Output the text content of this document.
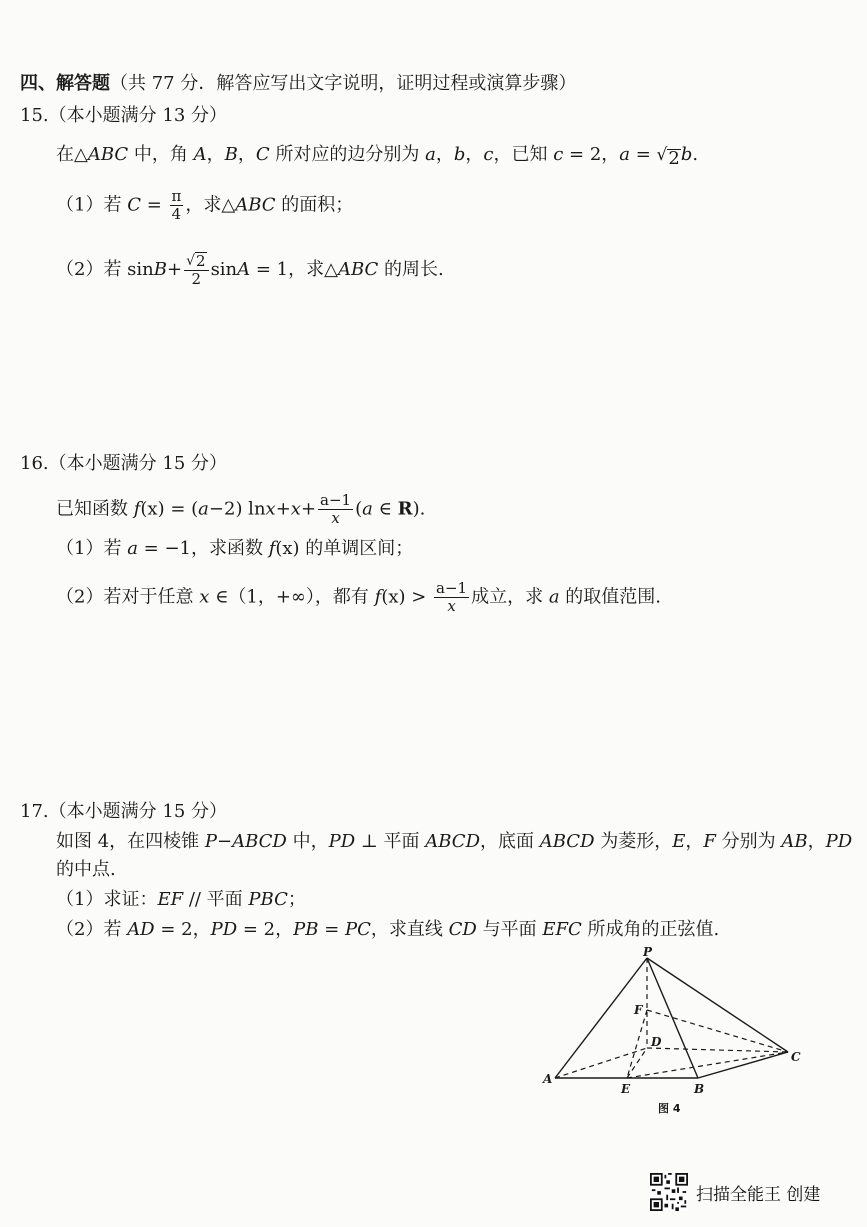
四、解答题（共 77 分．解答应写出文字说明，证明过程或演算步骤）
15.（本小题满分 13 分）
在△ABC 中，角 A，B，C 所对应的边分别为 a，b，c，已知 c = 2，a = √ 2 b.
（1）若 $C = \frac{\pi}{4}$ ，求△ABC 的面积；
（2）若 $\sin B+ \frac{√ 2}{2}$ sinA = 1，求△ABC 的周长.
16.（本小题满分 15 分）
已知函数 f(x) = (a−2) $\ln x+x+ \frac{a-1}{x} (a$ ∈ R).
（1）若 a = −1，求函数 f(x) 的单调区间；
（2）若对于任意 x ∈（1，+∞），都有 $f(x) > \frac{a-1}{x}$ 成立，求 a 的取值范围.
17.（本小题满分 15 分）
如图 4，在四棱锥 P−ABCD 中，PD ⊥ 平面 ABCD，底面 ABCD 为菱形，E，F 分别为 AB，PD
的中点.
（1）求证：EF // 平面 PBC；
（2）若 AD = 2，PD = 2，PB = PC，求直线 CD 与平面 EFC 所成角的正弦值.
P
F
D
C
A
E	B
图 4
扫描全能王 创建
